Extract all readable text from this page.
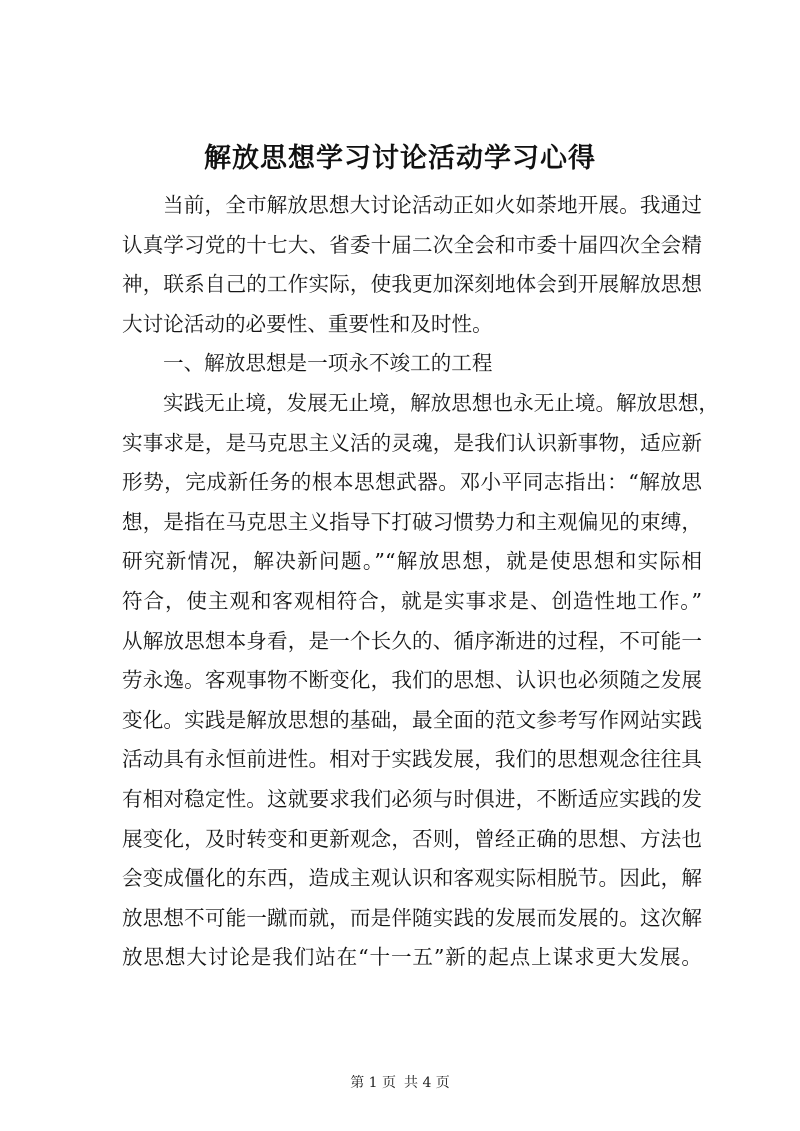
解放思想学习讨论活动学习心得
当前，全市解放思想大讨论活动正如火如荼地开展。我通过
认真学习党的十七大、省委十届二次全会和市委十届四次全会精
神，联系自己的工作实际，使我更加深刻地体会到开展解放思想
大讨论活动的必要性、重要性和及时性。
一、解放思想是一项永不竣工的工程
实践无止境，发展无止境，解放思想也永无止境。解放思想，
实事求是，是马克思主义活的灵魂，是我们认识新事物，适应新
形势，完成新任务的根本思想武器。邓小平同志指出：“解放思
想，是指在马克思主义指导下打破习惯势力和主观偏见的束缚，
研究新情况，解决新问题。”“解放思想，就是使思想和实际相
符合，使主观和客观相符合，就是实事求是、创造性地工作。”
从解放思想本身看，是一个长久的、循序渐进的过程，不可能一
劳永逸。客观事物不断变化，我们的思想、认识也必须随之发展
变化。实践是解放思想的基础，最全面的范文参考写作网站实践
活动具有永恒前进性。相对于实践发展，我们的思想观念往往具
有相对稳定性。这就要求我们必须与时俱进，不断适应实践的发
展变化，及时转变和更新观念，否则，曾经正确的思想、方法也
会变成僵化的东西，造成主观认识和客观实际相脱节。因此，解
放思想不可能一蹴而就，而是伴随实践的发展而发展的。这次解
放思想大讨论是我们站在“十一五”新的起点上谋求更大发展。
第 1 页 共 4 页
